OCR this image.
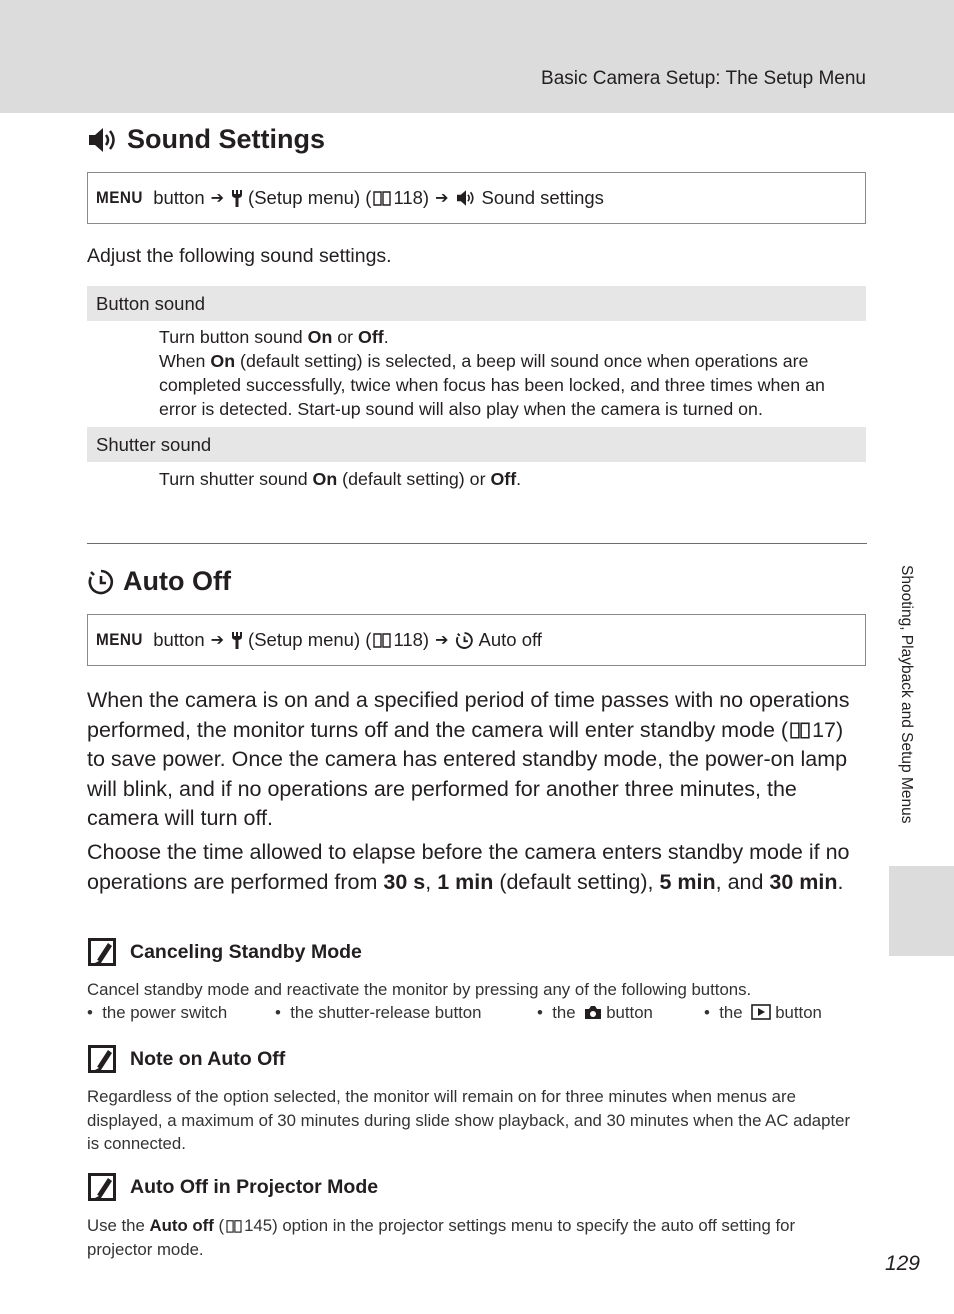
Basic Camera Setup: The Setup Menu
Sound Settings
MENU
button ➔ (Setup menu) ( 118) ➔ Sound settings
Adjust the following sound settings.
Button sound
Turn button sound On or Off.
When On (default setting) is selected, a beep will sound once when operations are completed successfully, twice when focus has been locked, and three times when an error is detected. Start-up sound will also play when the camera is turned on.
Shutter sound
Turn shutter sound On (default setting) or Off.
Auto Off
MENU
button ➔ (Setup menu) ( 118) ➔ Auto off
When the camera is on and a specified period of time passes with no operations performed, the monitor turns off and the camera will enter standby mode ( 17) to save power. Once the camera has entered standby mode, the power-on lamp will blink, and if no operations are performed for another three minutes, the camera will turn off.
Choose the time allowed to elapse before the camera enters standby mode if no operations are performed from 30 s, 1 min (default setting), 5 min, and 30 min.
Canceling Standby Mode
Cancel standby mode and reactivate the monitor by pressing any of the following buttons.
•  the power switch	•  the shutter-release button	•  the button	•  the button
Note on Auto Off
Regardless of the option selected, the monitor will remain on for three minutes when menus are displayed, a maximum of 30 minutes during slide show playback, and 30 minutes when the AC adapter is connected.
Auto Off in Projector Mode
Use the Auto off ( 145) option in the projector settings menu to specify the auto off setting for projector mode.
Shooting, Playback and Setup Menus
129
